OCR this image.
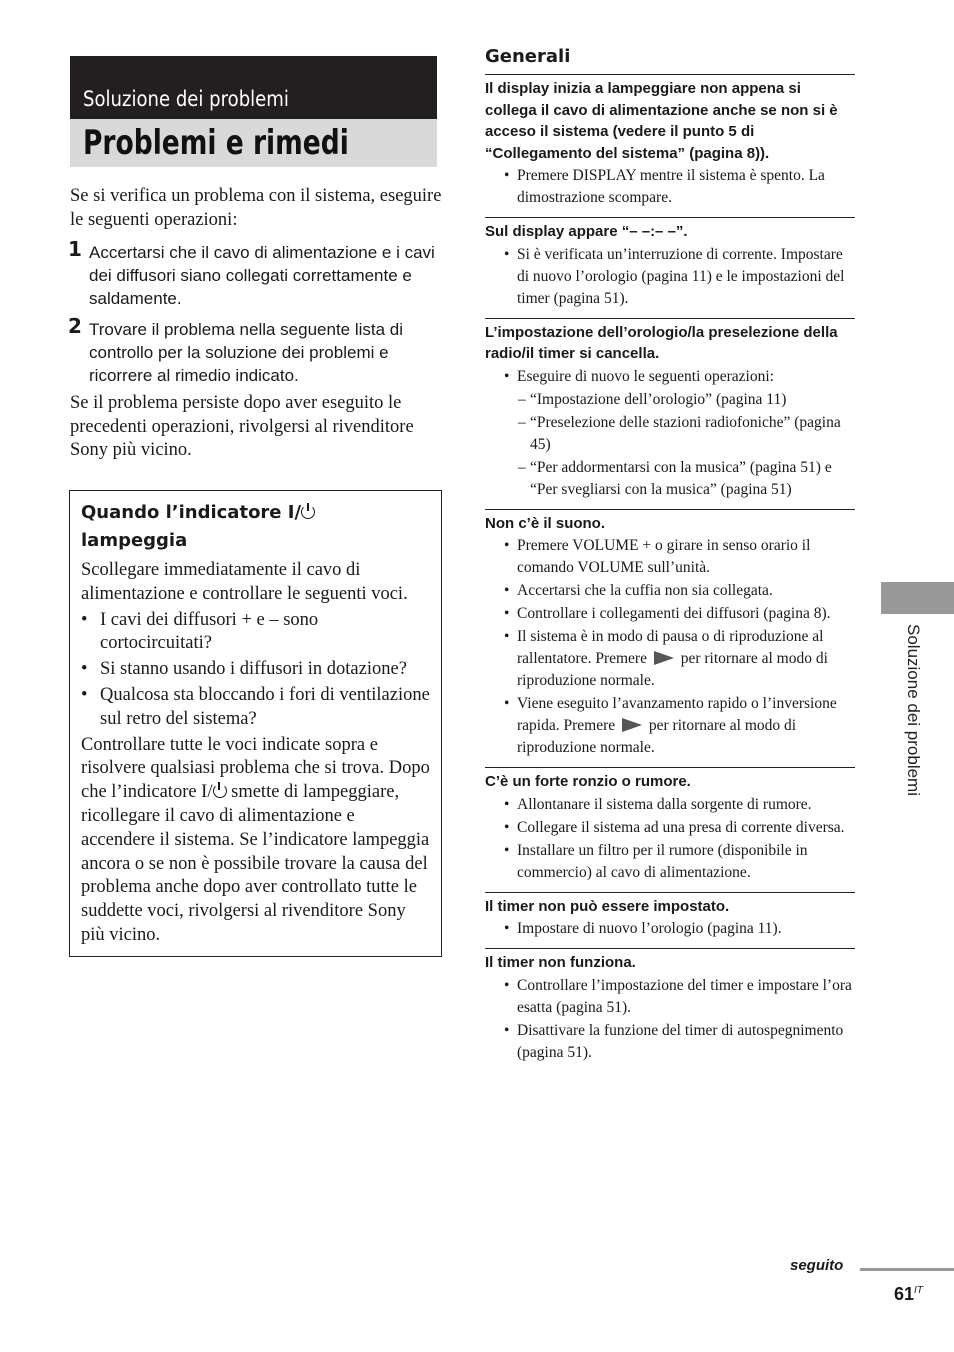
Soluzione dei problemi
Problemi e rimedi
Se si verifica un problema con il sistema, eseguire le seguenti operazioni:
1 Accertarsi che il cavo di alimentazione e i cavi dei diffusori siano collegati correttamente e saldamente.
2 Trovare il problema nella seguente lista di controllo per la soluzione dei problemi e ricorrere al rimedio indicato.
Se il problema persiste dopo aver eseguito le precedenti operazioni, rivolgersi al rivenditore Sony più vicino.
Quando l’indicatore I/
lampeggia
Scollegare immediatamente il cavo di alimentazione e controllare le seguenti voci.
• I cavi dei diffusori + e – sono cortocircuitati?
• Si stanno usando i diffusori in dotazione?
• Qualcosa sta bloccando i fori di ventilazione sul retro del sistema?
Controllare tutte le voci indicate sopra e risolvere qualsiasi problema che si trova. Dopo che l’indicatore I/ smette di lampeggiare, ricollegare il cavo di alimentazione e accendere il sistema. Se l’indicatore lampeggia ancora o se non è possibile trovare la causa del problema anche dopo aver controllato tutte le suddette voci, rivolgersi al rivenditore Sony più vicino.
Generali
Il display inizia a lampeggiare non appena si collega il cavo di alimentazione anche se non si è acceso il sistema (vedere il punto 5 di “Collegamento del sistema” (pagina 8)).
• Premere DISPLAY mentre il sistema è spento. La dimostrazione scompare.
Sul display appare “– –:– –”.
• Si è verificata un’interruzione di corrente. Impostare di nuovo l’orologio (pagina 11) e le impostazioni del timer (pagina 51).
L’impostazione dell’orologio/la preselezione della radio/il timer si cancella.
• Eseguire di nuovo le seguenti operazioni:
– “Impostazione dell’orologio” (pagina 11)
– “Preselezione delle stazioni radiofoniche” (pagina 45)
– “Per addormentarsi con la musica” (pagina 51) e “Per svegliarsi con la musica” (pagina 51)
Non c’è il suono.
• Premere VOLUME + o girare in senso orario il comando VOLUME sull’unità.
• Accertarsi che la cuffia non sia collegata.
• Controllare i collegamenti dei diffusori (pagina 8).
• Il sistema è in modo di pausa o di riproduzione al rallentatore. Premere per ritornare al modo di riproduzione normale.
• Viene eseguito l’avanzamento rapido o l’inversione rapida. Premere per ritornare al modo di riproduzione normale.
C’è un forte ronzio o rumore.
• Allontanare il sistema dalla sorgente di rumore.
• Collegare il sistema ad una presa di corrente diversa.
• Installare un filtro per il rumore (disponibile in commercio) al cavo di alimentazione.
Il timer non può essere impostato.
• Impostare di nuovo l’orologio (pagina 11).
Il timer non funziona.
• Controllare l’impostazione del timer e impostare l’ora esatta (pagina 51).
• Disattivare la funzione del timer di autospegnimento (pagina 51).
Soluzione dei problemi
seguito
$61^{IT}$
